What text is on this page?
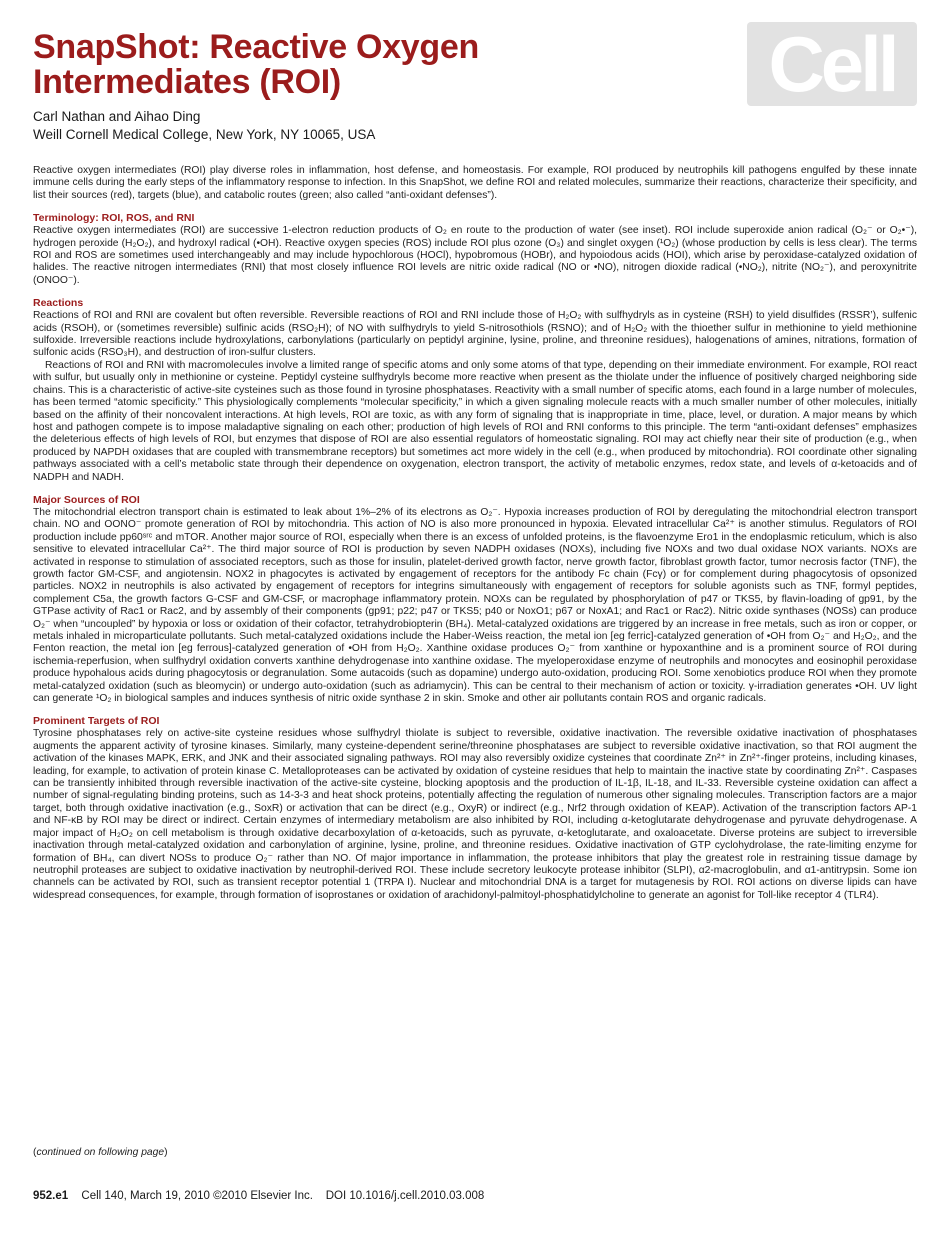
SnapShot: Reactive Oxygen
Intermediates (ROI)	Cell
Carl Nathan and Aihao Ding
Weill Cornell Medical College, New York, NY 10065, USA

Reactive oxygen intermediates (ROI) play diverse roles in inflammation, host defense, and homeostasis. For example, ROI produced by neutrophils kill pathogens engulfed by these innate immune cells during the early steps of the inflammatory response to infection. In this SnapShot, we define ROI and related molecules, summarize their reactions, characterize their specificity, and list their sources (red), targets (blue), and catabolic routes (green; also called “anti-oxidant defenses”).

Terminology: ROI, ROS, and RNI

Reactive oxygen intermediates (ROI) are successive 1-electron reduction products of O₂ en route to the production of water (see inset). ROI include superoxide anion radical (O₂⁻ or O₂•⁻), hydrogen peroxide (H₂O₂), and hydroxyl radical (•OH). Reactive oxygen species (ROS) include ROI plus ozone (O₃) and singlet oxygen (¹O₂) (whose production by cells is less clear). The terms ROI and ROS are sometimes used interchangeably and may include hypochlorous (HOCl), hypobromous (HOBr), and hypoiodous acids (HOI), which arise by peroxidase-catalyzed oxidation of halides. The reactive nitrogen intermediates (RNI) that most closely influence ROI levels are nitric oxide radical (NO or •NO), nitrogen dioxide radical (•NO₂), nitrite (NO₂⁻), and peroxynitrite (ONOO⁻).

Reactions

Reactions of ROI and RNI are covalent but often reversible. Reversible reactions of ROI and RNI include those of H₂O₂ with sulfhydryls as in cysteine (RSH) to yield disulfides (RSSR’), sulfenic acids (RSOH), or (sometimes reversible) sulfinic acids (RSO₂H); of NO with sulfhydryls to yield S-nitrosothiols (RSNO); and of H₂O₂ with the thioether sulfur in methionine to yield methionine sulfoxide. Irreversible reactions include hydroxylations, carbonylations (particularly on peptidyl arginine, lysine, proline, and threonine residues), halogenations of amines, nitrations, formation of sulfonic acids (RSO₃H), and destruction of iron-sulfur clusters.

Reactions of ROI and RNI with macromolecules involve a limited range of specific atoms and only some atoms of that type, depending on their immediate environment. For example, ROI react with sulfur, but usually only in methionine or cysteine. Peptidyl cysteine sulfhydryls become more reactive when present as the thiolate under the influence of positively charged neighboring side chains. This is a characteristic of active-site cysteines such as those found in tyrosine phosphatases. Reactivity with a small number of specific atoms, each found in a large number of molecules, has been termed “atomic specificity.” This physiologically complements “molecular specificity,” in which a given signaling molecule reacts with a much smaller number of other molecules, initially based on the affinity of their noncovalent interactions. At high levels, ROI are toxic, as with any form of signaling that is inappropriate in time, place, level, or duration. A major means by which host and pathogen compete is to impose maladaptive signaling on each other; production of high levels of ROI and RNI conforms to this principle. The term “anti-oxidant defenses” emphasizes the deleterious effects of high levels of ROI, but enzymes that dispose of ROI are also essential regulators of homeostatic signaling. ROI may act chiefly near their site of production (e.g., when produced by NAPDH oxidases that are coupled with transmembrane receptors) but sometimes act more widely in the cell (e.g., when produced by mitochondria). ROI coordinate other signaling pathways associated with a cell’s metabolic state through their dependence on oxygenation, electron transport, the activity of metabolic enzymes, redox state, and levels of α-ketoacids and of NADPH and NADH.

Major Sources of ROI

The mitochondrial electron transport chain is estimated to leak about 1%–2% of its electrons as O₂⁻. Hypoxia increases production of ROI by deregulating the mitochondrial electron transport chain. NO and OONO⁻ promote generation of ROI by mitochondria. This action of NO is also more pronounced in hypoxia. Elevated intracellular Ca²⁺ is another stimulus. Regulators of ROI production include pp60ˢʳᶜ and mTOR. Another major source of ROI, especially when there is an excess of unfolded proteins, is the flavoenzyme Ero1 in the endoplasmic reticulum, which is also sensitive to elevated intracellular Ca²⁺. The third major source of ROI is production by seven NADPH oxidases (NOXs), including five NOXs and two dual oxidase NOX variants. NOXs are activated in response to stimulation of associated receptors, such as those for insulin, platelet-derived growth factor, nerve growth factor, fibroblast growth factor, tumor necrosis factor (TNF), the growth factor GM-CSF, and angiotensin. NOX2 in phagocytes is activated by engagement of receptors for the antibody Fc chain (Fcγ) or for complement during phagocytosis of opsonized particles. NOX2 in neutrophils is also activated by engagement of receptors for integrins simultaneously with engagement of receptors for soluble agonists such as TNF, formyl peptides, complement C5a, the growth factors G-CSF and GM-CSF, or macrophage inflammatory protein. NOXs can be regulated by phosphorylation of p47 or TKS5, by flavin-loading of gp91, by the GTPase activity of Rac1 or Rac2, and by assembly of their components (gp91; p22; p47 or TKS5; p40 or NoxO1; p67 or NoxA1; and Rac1 or Rac2). Nitric oxide synthases (NOSs) can produce O₂⁻ when “uncoupled” by hypoxia or loss or oxidation of their cofactor, tetrahydrobiopterin (BH₄). Metal-catalyzed oxidations are triggered by an increase in free metals, such as iron or copper, or metals inhaled in microparticulate pollutants. Such metal-catalyzed oxidations include the Haber-Weiss reaction, the metal ion [eg ferric]-catalyzed generation of •OH from O₂⁻ and H₂O₂, and the Fenton reaction, the metal ion [eg ferrous]-catalyzed generation of •OH from H₂O₂. Xanthine oxidase produces O₂⁻ from xanthine or hypoxanthine and is a prominent source of ROI during ischemia-reperfusion, when sulfhydryl oxidation converts xanthine dehydrogenase into xanthine oxidase. The myeloperoxidase enzyme of neutrophils and monocytes and eosinophil peroxidase produce hypohalous acids during phagocytosis or degranulation. Some autacoids (such as dopamine) undergo auto-oxidation, producing ROI. Some xenobiotics produce ROI when they promote metal-catalyzed oxidation (such as bleomycin) or undergo auto-oxidation (such as adriamycin). This can be central to their mechanism of action or toxicity. γ-irradiation generates •OH. UV light can generate ¹O₂ in biological samples and induces synthesis of nitric oxide synthase 2 in skin. Smoke and other air pollutants contain ROS and organic radicals.

Prominent Targets of ROI

Tyrosine phosphatases rely on active-site cysteine residues whose sulfhydryl thiolate is subject to reversible, oxidative inactivation. The reversible oxidative inactivation of phosphatases augments the apparent activity of tyrosine kinases. Similarly, many cysteine-dependent serine/threonine phosphatases are subject to reversible oxidative inactivation, so that ROI augment the activation of the kinases MAPK, ERK, and JNK and their associated signaling pathways. ROI may also reversibly oxidize cysteines that coordinate Zn²⁺ in Zn²⁺-finger proteins, including kinases, leading, for example, to activation of protein kinase C. Metalloproteases can be activated by oxidation of cysteine residues that help to maintain the inactive state by coordinating Zn²⁺. Caspases can be transiently inhibited through reversible inactivation of the active-site cysteine, blocking apoptosis and the production of IL-1β, IL-18, and IL-33. Reversible cysteine oxidation can affect a number of signal-regulating binding proteins, such as 14-3-3 and heat shock proteins, potentially affecting the regulation of numerous other signaling molecules. Transcription factors are a major target, both through oxidative inactivation (e.g., SoxR) or activation that can be direct (e.g., OxyR) or indirect (e.g., Nrf2 through oxidation of KEAP). Activation of the transcription factors AP-1 and NF-κB by ROI may be direct or indirect. Certain enzymes of intermediary metabolism are also inhibited by ROI, including α-ketoglutarate dehydrogenase and pyruvate dehydrogenase. A major impact of H₂O₂ on cell metabolism is through oxidative decarboxylation of α-ketoacids, such as pyruvate, α-ketoglutarate, and oxaloacetate. Diverse proteins are subject to irreversible inactivation through metal-catalyzed oxidation and carbonylation of arginine, lysine, proline, and threonine residues. Oxidative inactivation of GTP cyclohydrolase, the rate-limiting enzyme for formation of BH₄, can divert NOSs to produce O₂⁻ rather than NO. Of major importance in inflammation, the protease inhibitors that play the greatest role in restraining tissue damage by neutrophil proteases are subject to oxidative inactivation by neutrophil-derived ROI. These include secretory leukocyte protease inhibitor (SLPI), α2-macroglobulin, and α1-antitrypsin. Some ion channels can be activated by ROI, such as transient receptor potential 1 (TRPA I). Nuclear and mitochondrial DNA is a target for mutagenesis by ROI. ROI actions on diverse lipids can have widespread consequences, for example, through formation of isoprostanes or oxidation of arachidonyl-palmitoyl-phosphatidylcholine to generate an agonist for Toll-like receptor 4 (TLR4).

(continued on following page)
952.e1 Cell 140, March 19, 2010 ©2010 Elsevier Inc.    DOI 10.1016/j.cell.2010.03.008
